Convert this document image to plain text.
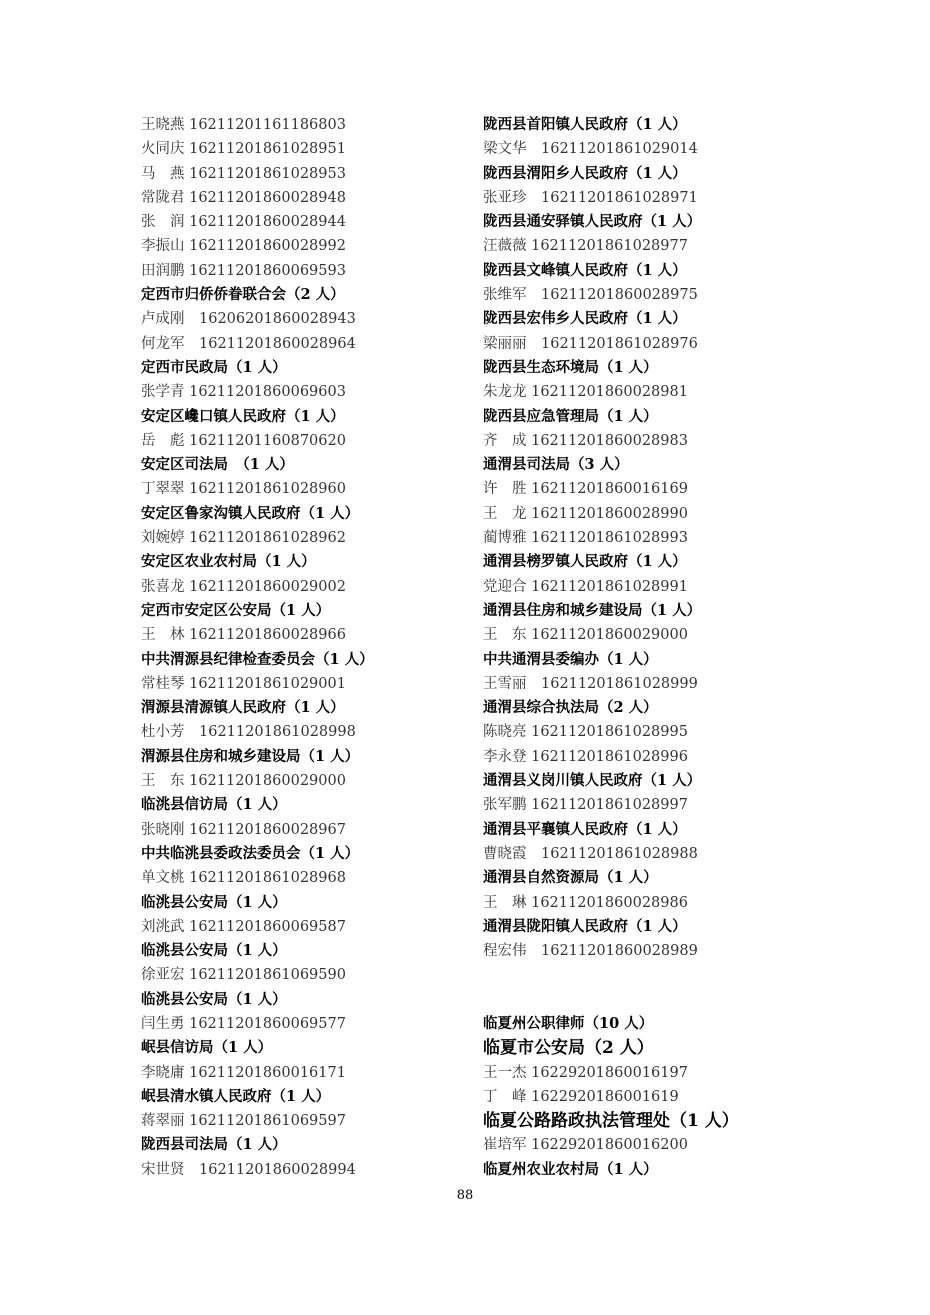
王晓燕 16211201161186803
火同庆 16211201861028951
马　燕 16211201861028953
常陇君 16211201860028948
张　润 16211201860028944
李振山 16211201860028992
田润鹏 16211201860069593
定西市归侨侨眷联合会（2 人）
卢成刚　16206201860028943
何龙军　16211201860028964
定西市民政局（1 人）
张学青 16211201860069603
安定区巉口镇人民政府（1 人）
岳　彪 16211201160870620
安定区司法局　（1 人）
丁翠翠 16211201861028960
安定区鲁家沟镇人民政府（1 人）
刘婉婷 16211201861028962
安定区农业农村局（1 人）
张喜龙 16211201860029002
定西市安定区公安局（1 人）
王　林 16211201860028966
中共渭源县纪律检查委员会（1 人）
常桂琴 16211201861029001
渭源县清源镇人民政府（1 人）
杜小芳　16211201861028998
渭源县住房和城乡建设局（1 人）
王　东 16211201860029000
临洮县信访局（1 人）
张晓刚 16211201860028967
中共临洮县委政法委员会（1 人）
单文桃 16211201861028968
临洮县公安局（1 人）
刘洮武 16211201860069587
临洮县公安局（1 人）
徐亚宏 16211201861069590
临洮县公安局（1 人）
闫生勇 16211201860069577
岷县信访局（1 人）
李晓庸 16211201860016171
岷县清水镇人民政府（1 人）
蒋翠丽 16211201861069597
陇西县司法局（1 人）
宋世贤　16211201860028994
陇西县首阳镇人民政府（1 人）
梁文华　16211201861029014
陇西县渭阳乡人民政府（1 人）
张亚珍　16211201861028971
陇西县通安驿镇人民政府（1 人）
汪薇薇 16211201861028977
陇西县文峰镇人民政府（1 人）
张维军　16211201860028975
陇西县宏伟乡人民政府（1 人）
梁丽丽　16211201861028976
陇西县生态环境局（1 人）
朱龙龙 16211201860028981
陇西县应急管理局（1 人）
齐　成 16211201860028983
通渭县司法局（3 人）
许　胜 16211201860016169
王　龙 16211201860028990
蔺博雅 16211201861028993
通渭县榜罗镇人民政府（1 人）
党迎合 16211201861028991
通渭县住房和城乡建设局（1 人）
王　东 16211201860029000
中共通渭县委编办（1 人）
王雪丽　16211201861028999
通渭县综合执法局（2 人）
陈晓亮 16211201861028995
李永登 16211201861028996
通渭县义岗川镇人民政府（1 人）
张军鹏 16211201861028997
通渭县平襄镇人民政府（1 人）
曹晓霞　16211201861028988
通渭县自然资源局（1 人）
王　琳 16211201860028986
通渭县陇阳镇人民政府（1 人）
程宏伟　16211201860028989
临夏州公职律师（10 人）
临夏市公安局（2 人）
王一杰 16229201860016197
丁　峰 1622920186001619
临夏公路路政执法管理处（1 人）
崔培军 16229201860016200
临夏州农业农村局（1 人）
88
